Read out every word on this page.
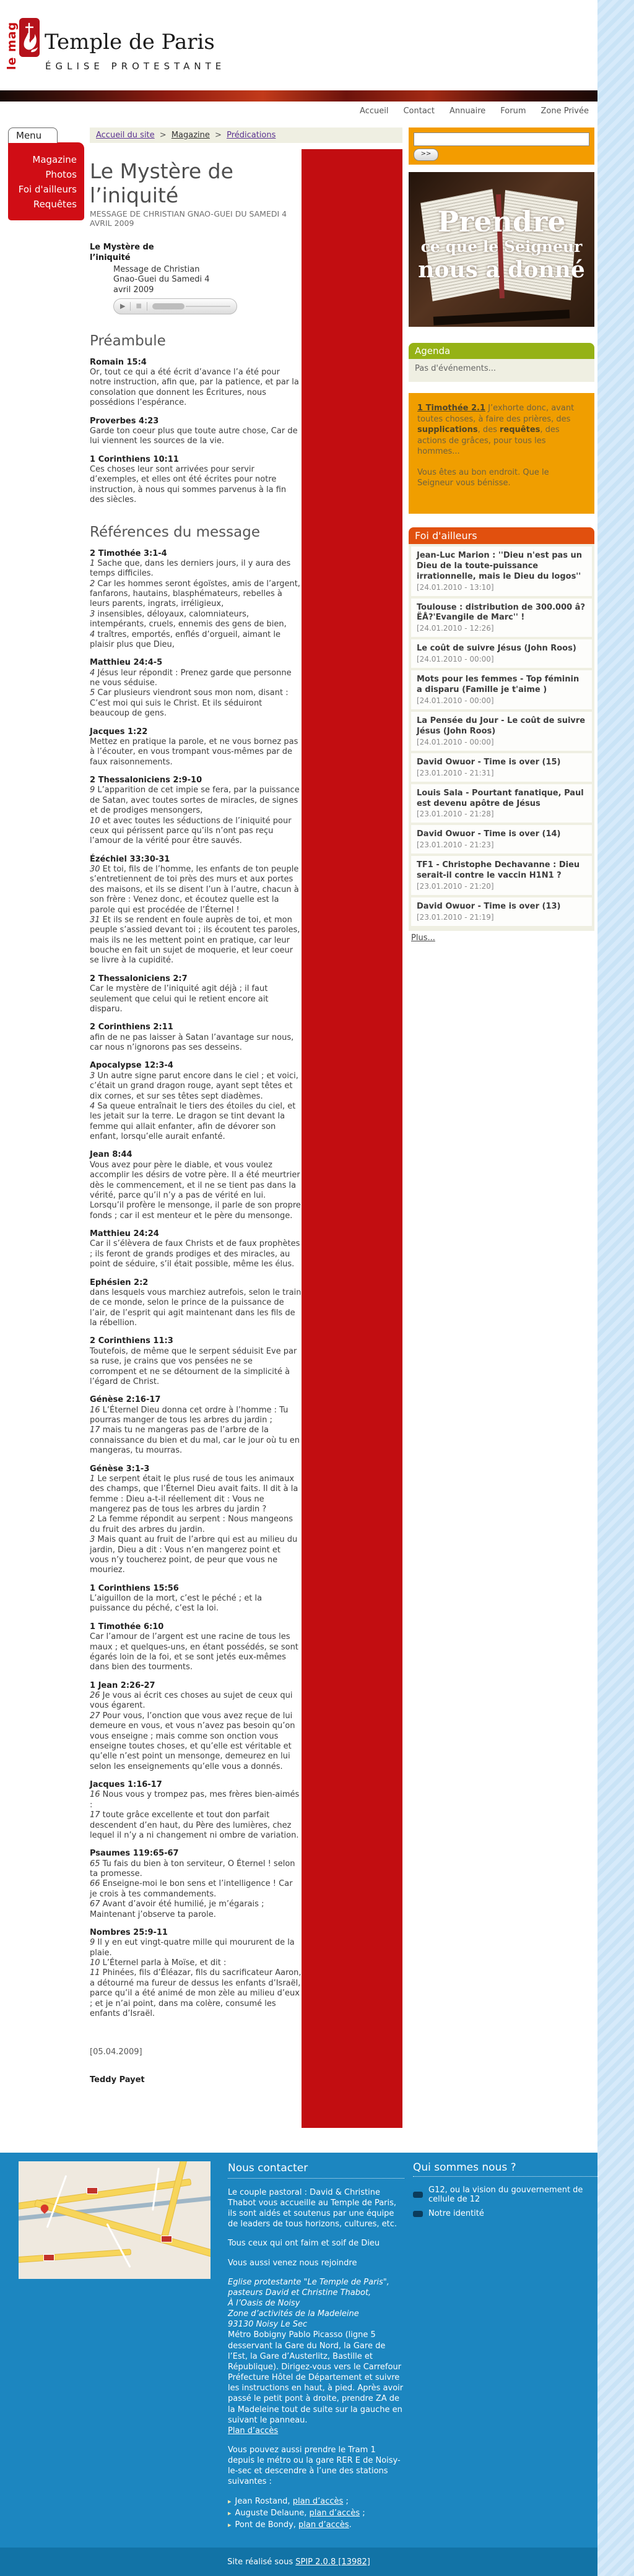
le mag Temple de Paris
ÉGLISE PROTESTANTE
Accueil Contact Annuaire Forum Zone Privée
Menu
Magazine
Photos
Foi d'ailleurs
Requêtes
Accueil du site > Magazine > Prédications
Le Mystère de l’iniquité
MESSAGE DE CHRISTIAN GNAO-GUEI DU SAMEDI 4 AVRIL 2009
Le Mystère de l’iniquité
Message de Christian Gnao-Guei du Samedi 4 avril 2009
▶ ■
Préambule
Romain 15:4
Or, tout ce qui a été écrit d’avance l’a été pour notre instruction, afin que, par la patience, et par la consolation que donnent les Écritures, nous possédions l’espérance.
Proverbes 4:23
Garde ton coeur plus que toute autre chose, Car de lui viennent les sources de la vie.
1 Corinthiens 10:11
Ces choses leur sont arrivées pour servir d’exemples, et elles ont été écrites pour notre instruction, à nous qui sommes parvenus à la fin des siècles.
Références du message
2 Timothée 3:1-4
1 Sache que, dans les derniers jours, il y aura des temps difficiles.
2 Car les hommes seront égoïstes, amis de l’argent, fanfarons, hautains, blasphémateurs, rebelles à leurs parents, ingrats, irréligieux,
3 insensibles, déloyaux, calomniateurs, intempérants, cruels, ennemis des gens de bien,
4 traîtres, emportés, enflés d’orgueil, aimant le plaisir plus que Dieu,
Matthieu 24:4-5
4 Jésus leur répondit : Prenez garde que personne ne vous séduise.
5 Car plusieurs viendront sous mon nom, disant : C’est moi qui suis le Christ. Et ils séduiront beaucoup de gens.
Jacques 1:22
Mettez en pratique la parole, et ne vous bornez pas à l’écouter, en vous trompant vous-mêmes par de faux raisonnements.
2 Thessaloniciens 2:9-10
9 L’apparition de cet impie se fera, par la puissance de Satan, avec toutes sortes de miracles, de signes et de prodiges mensongers,
10 et avec toutes les séductions de l’iniquité pour ceux qui périssent parce qu’ils n’ont pas reçu l’amour de la vérité pour être sauvés.
Ézéchiel 33:30-31
30 Et toi, fils de l’homme, les enfants de ton peuple s’entretiennent de toi près des murs et aux portes des maisons, et ils se disent l’un à l’autre, chacun à son frère : Venez donc, et écoutez quelle est la parole qui est procédée de l’Éternel !
31 Et ils se rendent en foule auprès de toi, et mon peuple s’assied devant toi ; ils écoutent tes paroles, mais ils ne les mettent point en pratique, car leur bouche en fait un sujet de moquerie, et leur coeur se livre à la cupidité.
2 Thessaloniciens 2:7
Car le mystère de l’iniquité agit déjà ; il faut seulement que celui qui le retient encore ait disparu.
2 Corinthiens 2:11
afin de ne pas laisser à Satan l’avantage sur nous, car nous n’ignorons pas ses desseins.
Apocalypse 12:3-4
3 Un autre signe parut encore dans le ciel ; et voici, c’était un grand dragon rouge, ayant sept têtes et dix cornes, et sur ses têtes sept diadèmes.
4 Sa queue entraînait le tiers des étoiles du ciel, et les jetait sur la terre. Le dragon se tint devant la femme qui allait enfanter, afin de dévorer son enfant, lorsqu’elle aurait enfanté.
Jean 8:44
Vous avez pour père le diable, et vous voulez accomplir les désirs de votre père. Il a été meurtrier dès le commencement, et il ne se tient pas dans la vérité, parce qu’il n’y a pas de vérité en lui. Lorsqu’il profère le mensonge, il parle de son propre fonds ; car il est menteur et le père du mensonge.
Matthieu 24:24
Car il s’élèvera de faux Christs et de faux prophètes ; ils feront de grands prodiges et des miracles, au point de séduire, s’il était possible, même les élus.
Ephésien 2:2
dans lesquels vous marchiez autrefois, selon le train de ce monde, selon le prince de la puissance de l’air, de l’esprit qui agit maintenant dans les fils de la rébellion.
2 Corinthiens 11:3
Toutefois, de même que le serpent séduisit Eve par sa ruse, je crains que vos pensées ne se corrompent et ne se détournent de la simplicité à l’égard de Christ.
Génèse 2:16-17
16 L’Éternel Dieu donna cet ordre à l’homme : Tu pourras manger de tous les arbres du jardin ;
17 mais tu ne mangeras pas de l’arbre de la connaissance du bien et du mal, car le jour où tu en mangeras, tu mourras.
Génèse 3:1-3
1 Le serpent était le plus rusé de tous les animaux des champs, que l’Éternel Dieu avait faits. Il dit à la femme : Dieu a-t-il réellement dit : Vous ne mangerez pas de tous les arbres du jardin ?
2 La femme répondit au serpent : Nous mangeons du fruit des arbres du jardin.
3 Mais quant au fruit de l’arbre qui est au milieu du jardin, Dieu a dit : Vous n’en mangerez point et vous n’y toucherez point, de peur que vous ne mouriez.
1 Corinthiens 15:56
L’aiguillon de la mort, c’est le péché ; et la puissance du péché, c’est la loi.
1 Timothée 6:10
Car l’amour de l’argent est une racine de tous les maux ; et quelques-uns, en étant possédés, se sont égarés loin de la foi, et se sont jetés eux-mêmes dans bien des tourments.
1 Jean 2:26-27
26 Je vous ai écrit ces choses au sujet de ceux qui vous égarent.
27 Pour vous, l’onction que vous avez reçue de lui demeure en vous, et vous n’avez pas besoin qu’on vous enseigne ; mais comme son onction vous enseigne toutes choses, et qu’elle est véritable et qu’elle n’est point un mensonge, demeurez en lui selon les enseignements qu’elle vous a donnés.
Jacques 1:16-17
16 Nous vous y trompez pas, mes frères bien-aimés :
17 toute grâce excellente et tout don parfait descendent d’en haut, du Père des lumières, chez lequel il n’y a ni changement ni ombre de variation.
Psaumes 119:65-67
65 Tu fais du bien à ton serviteur, O Éternel ! selon ta promesse.
66 Enseigne-moi le bon sens et l’intelligence ! Car je crois à tes commandements.
67 Avant d’avoir été humilié, je m’égarais ; Maintenant j’observe ta parole.
Nombres 25:9-11
9 Il y en eut vingt-quatre mille qui moururent de la plaie.
10 L’Éternel parla à Moïse, et dit :
11 Phinées, fils d’Éléazar, fils du sacrificateur Aaron, a détourné ma fureur de dessus les enfants d’Israël, parce qu’il a été animé de mon zèle au milieu d’eux ; et je n’ai point, dans ma colère, consumé les enfants d’Israël.
[05.04.2009]
Teddy Payet
>>
Prendre
ce que le Seigneur
nous a donné
Agenda
Pas d'événements...
1 Timothée 2.1 J’exhorte donc, avant toutes choses, à faire des prières, des supplications, des requêtes, des actions de grâces, pour tous les hommes...
Vous êtes au bon endroit. Que le Seigneur vous bénisse.
Foi d'ailleurs
Jean-Luc Marion : ''Dieu n'est pas un Dieu de la toute-puissance irrationnelle, mais le Dieu du logos''
[24.01.2010 - 13:10]
Toulouse : distribution de 300.000 â?ËÅ?'Evangile de Marc'' !
[24.01.2010 - 12:26]
Le coût de suivre Jésus (John Roos)
[24.01.2010 - 00:00]
Mots pour les femmes - Top féminin a disparu (Famille je t'aime )
[24.01.2010 - 00:00]
La Pensée du Jour - Le coût de suivre Jésus (John Roos)
[24.01.2010 - 00:00]
David Owuor - Time is over (15)
[23.01.2010 - 21:31]
Louis Sala - Pourtant fanatique, Paul est devenu apôtre de Jésus
[23.01.2010 - 21:28]
David Owuor - Time is over (14)
[23.01.2010 - 21:23]
TF1 - Christophe Dechavanne : Dieu serait-il contre le vaccin H1N1 ?
[23.01.2010 - 21:20]
David Owuor - Time is over (13)
[23.01.2010 - 21:19]
Plus...
Nous contacter

Le couple pastoral : David & Christine Thabot vous accueille au Temple de Paris, ils sont aidés et soutenus par une équipe de leaders de tous horizons, cultures, etc.

Tous ceux qui ont faim et soif de Dieu

Vous aussi venez nous rejoindre

Eglise protestante "Le Temple de Paris", pasteurs David et Christine Thabot,
À l’Oasis de Noisy
Zone d’activités de la Madeleine
93130 Noisy Le Sec
Métro Bobigny Pablo Picasso (ligne 5 desservant la Gare du Nord, la Gare de l’Est, la Gare d’Austerlitz, Bastille et République). Dirigez-vous vers le Carrefour Préfecture Hôtel de Département et suivre les instructions en haut, à pied. Après avoir passé le petit pont à droite, prendre ZA de la Madeleine tout de suite sur la gauche en suivant le panneau.
Plan d’accès

Vous pouvez aussi prendre le Tram 1 depuis le métro ou la gare RER E de Noisy-le-sec et descendre à l’une des stations suivantes :

▸ Jean Rostand, plan d’accès ;
▸ Auguste Delaune, plan d’accès ;
▸ Pont de Bondy, plan d’accès.
Qui sommes nous ?
G12, ou la vision du gouvernement de cellule de 12
Notre identité
Site réalisé sous
SPIP 2.0.8 [13982]
